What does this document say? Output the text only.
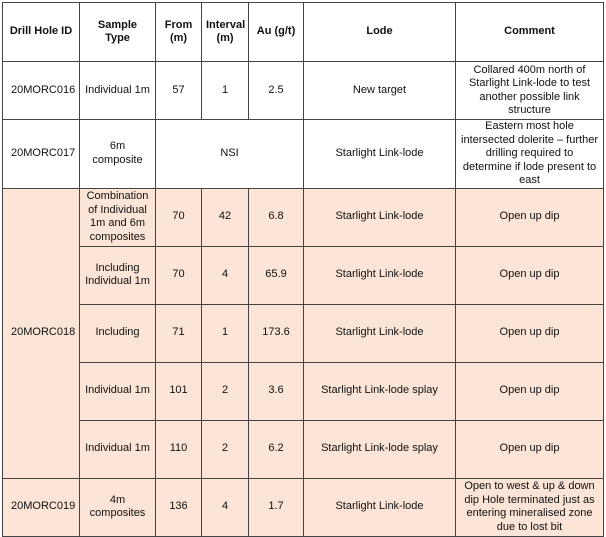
Drill Hole ID	Sample Type	From (m)	Interval (m)	Au (g/t)	Lode	Comment
20MORC016	Individual 1m	57	1	2.5	New target	Collared 400m north of Starlight Link-lode to test another possible link structure
20MORC017	6m composite	NSI			Starlight Link-lode	Eastern most hole intersected dolerite – further drilling required to determine if lode present to east
20MORC018	Combination of Individual 1m and 6m composites	70	42	6.8	Starlight Link-lode	Open up dip
	Including Individual 1m	70	4	65.9	Starlight Link-lode	Open up dip
	Including	71	1	173.6	Starlight Link-lode	Open up dip
	Individual 1m	101	2	3.6	Starlight Link-lode splay	Open up dip
	Individual 1m	110	2	6.2	Starlight Link-lode splay	Open up dip
20MORC019	4m composites	136	4	1.7	Starlight Link-lode	Open to west & up & down dip Hole terminated just as entering mineralised zone due to lost bit
